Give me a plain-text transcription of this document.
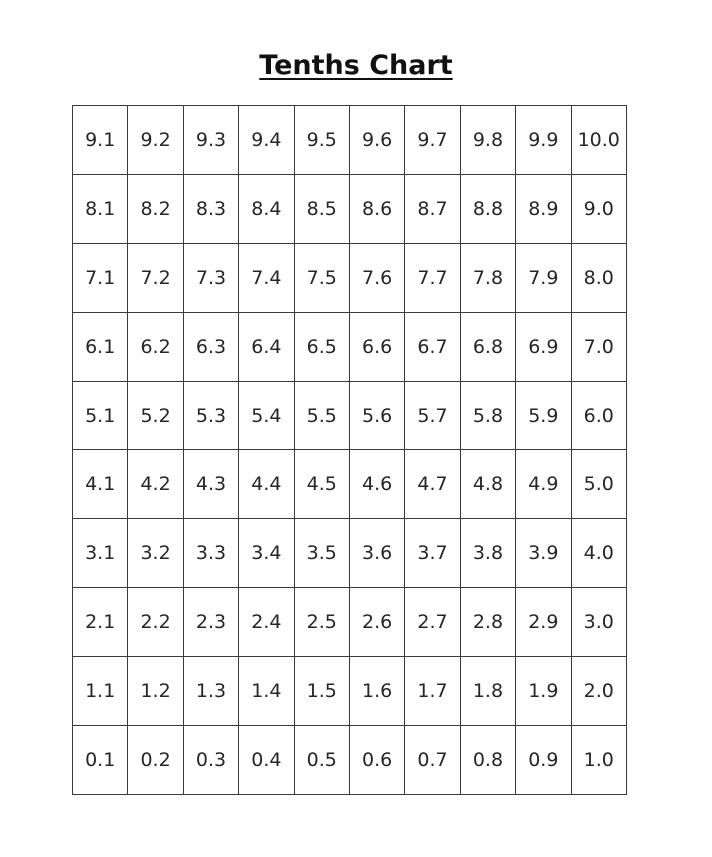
Tenths Chart
9.1	9.2	9.3	9.4	9.5	9.6	9.7	9.8	9.9	10.0
8.1	8.2	8.3	8.4	8.5	8.6	8.7	8.8	8.9	9.0
7.1	7.2	7.3	7.4	7.5	7.6	7.7	7.8	7.9	8.0
6.1	6.2	6.3	6.4	6.5	6.6	6.7	6.8	6.9	7.0
5.1	5.2	5.3	5.4	5.5	5.6	5.7	5.8	5.9	6.0
4.1	4.2	4.3	4.4	4.5	4.6	4.7	4.8	4.9	5.0
3.1	3.2	3.3	3.4	3.5	3.6	3.7	3.8	3.9	4.0
2.1	2.2	2.3	2.4	2.5	2.6	2.7	2.8	2.9	3.0
1.1	1.2	1.3	1.4	1.5	1.6	1.7	1.8	1.9	2.0
0.1	0.2	0.3	0.4	0.5	0.6	0.7	0.8	0.9	1.0
